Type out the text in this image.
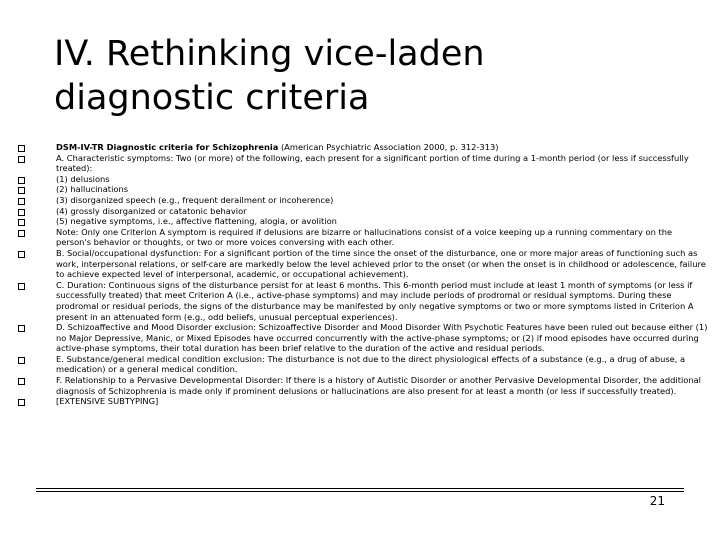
IV. Rethinking vice-laden
diagnostic criteria
DSM-IV-TR Diagnostic criteria for Schizophrenia (American Psychiatric Association 2000, p. 312-313)
A. Characteristic symptoms: Two (or more) of the following, each present for a significant portion of time during a 1-month period (or less if successfully treated):
(1) delusions
(2) hallucinations
(3) disorganized speech (e.g., frequent derailment or incoherence)
(4) grossly disorganized or catatonic behavior
(5) negative symptoms, i.e., affective flattening, alogia, or avolition
Note: Only one Criterion A symptom is required if delusions are bizarre or hallucinations consist of a voice keeping up a running commentary on the person's behavior or thoughts, or two or more voices conversing with each other.
B. Social/occupational dysfunction: For a significant portion of the time since the onset of the disturbance, one or more major areas of functioning such as work, interpersonal relations, or self-care are markedly below the level achieved prior to the onset (or when the onset is in childhood or adolescence, failure to achieve expected level of interpersonal, academic, or occupational achievement).
C. Duration: Continuous signs of the disturbance persist for at least 6 months. This 6-month period must include at least 1 month of symptoms (or less if successfully treated) that meet Criterion A (i.e., active-phase symptoms) and may include periods of prodromal or residual symptoms. During these prodromal or residual periods, the signs of the disturbance may be manifested by only negative symptoms or two or more symptoms listed in Criterion A present in an attenuated form (e.g., odd beliefs, unusual perceptual experiences).
D. Schizoaffective and Mood Disorder exclusion: Schizoaffective Disorder and Mood Disorder With Psychotic Features have been ruled out because either (1) no Major Depressive, Manic, or Mixed Episodes have occurred concurrently with the active-phase symptoms; or (2) if mood episodes have occurred during active-phase symptoms, their total duration has been brief relative to the duration of the active and residual periods.
E. Substance/general medical condition exclusion: The disturbance is not due to the direct physiological effects of a substance (e.g., a drug of abuse, a medication) or a general medical condition.
F. Relationship to a Pervasive Developmental Disorder: If there is a history of Autistic Disorder or another Pervasive Developmental Disorder, the additional diagnosis of Schizophrenia is made only if prominent delusions or hallucinations are also present for at least a month (or less if successfully treated).
[EXTENSIVE SUBTYPING]
21
